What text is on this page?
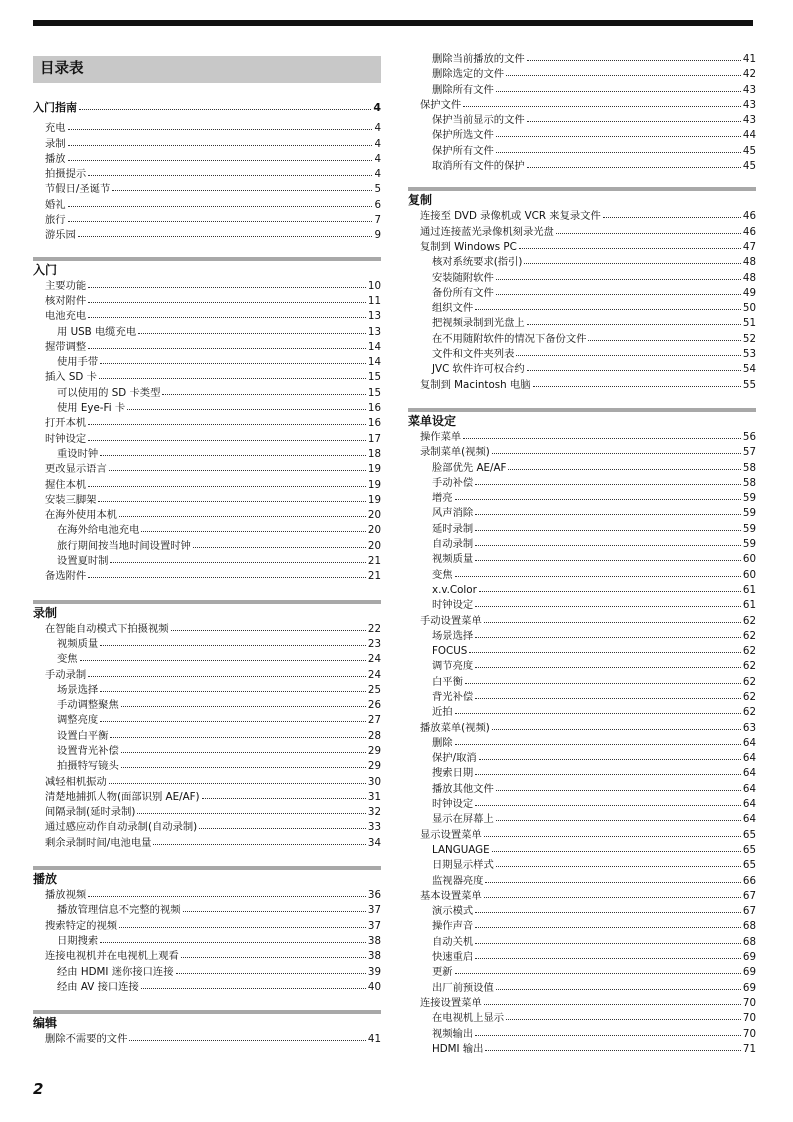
目录表
入门指南	4
充电	4
录制	4
播放	4
拍摄提示	4
节假日/圣诞节	5
婚礼	6
旅行	7
游乐园	9
入门
主要功能	10
核对附件	11
电池充电	13
用 USB 电缆充电	13
握带调整	14
使用手带	14
插入 SD 卡	15
可以使用的 SD 卡类型	15
使用 Eye-Fi 卡	16
打开本机	16
时钟设定	17
重设时钟	18
更改显示语言	19
握住本机	19
安装三脚架	19
在海外使用本机	20
在海外给电池充电	20
旅行期间按当地时间设置时钟	20
设置夏时制	21
备选附件	21
录制
在智能自动模式下拍摄视频	22
视频质量	23
变焦	24
手动录制	24
场景选择	25
手动调整聚焦	26
调整亮度	27
设置白平衡	28
设置背光补偿	29
拍摄特写镜头	29
减轻相机振动	30
清楚地捕抓人物(面部识别 AE/AF)	31
间隔录制(延时录制)	32
通过感应动作自动录制(自动录制)	33
剩余录制时间/电池电量	34
播放
播放视频	36
播放管理信息不完整的视频	37
搜索特定的视频	37
日期搜索	38
连接电视机并在电视机上观看	38
经由 HDMI 迷你接口连接	39
经由 AV 接口连接	40
编辑
删除不需要的文件	41
删除当前播放的文件	41
删除选定的文件	42
删除所有文件	43
保护文件	43
保护当前显示的文件	43
保护所选文件	44
保护所有文件	45
取消所有文件的保护	45
复制
连接至 DVD 录像机或 VCR 来复录文件	46
通过连接蓝光录像机刻录光盘	46
复制到 Windows PC	47
核对系统要求(指引)	48
安装随附软件	48
备份所有文件	49
组织文件	50
把视频录制到光盘上	51
在不用随附软件的情况下备份文件	52
文件和文件夹列表	53
JVC 软件许可权合约	54
复制到 Macintosh 电脑	55
菜单设定
操作菜单	56
录制菜单(视频)	57
脸部优先 AE/AF	58
手动补偿	58
增亮	59
风声消除	59
延时录制	59
自动录制	59
视频质量	60
变焦	60
x.v.Color	61
时钟设定	61
手动设置菜单	62
场景选择	62
FOCUS	62
调节亮度	62
白平衡	62
背光补偿	62
近拍	62
播放菜单(视频)	63
删除	64
保护/取消	64
搜索日期	64
播放其他文件	64
时钟设定	64
显示在屏幕上	64
显示设置菜单	65
LANGUAGE	65
日期显示样式	65
监视器亮度	66
基本设置菜单	67
演示模式	67
操作声音	68
自动关机	68
快速重启	69
更新	69
出厂前预设值	69
连接设置菜单	70
在电视机上显示	70
视频输出	70
HDMI 输出	71
2
